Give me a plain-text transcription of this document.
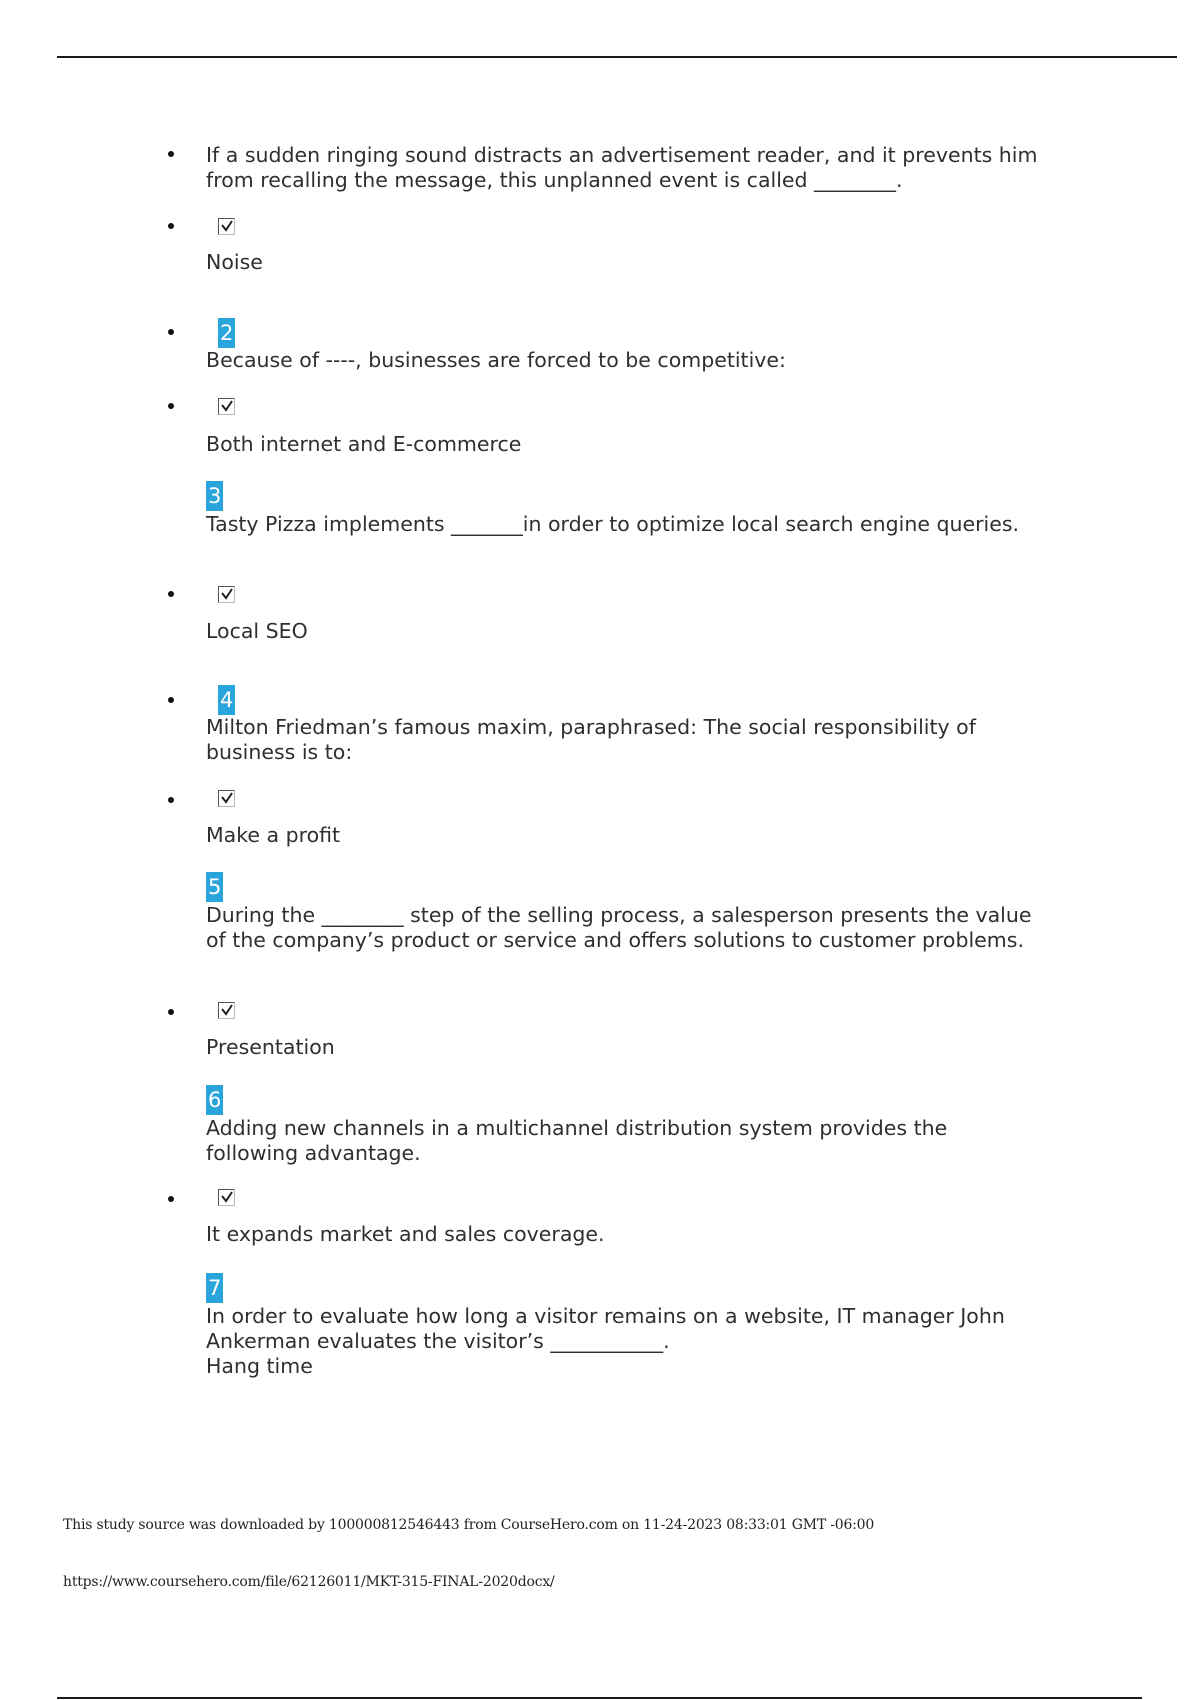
If a sudden ringing sound distracts an advertisement reader, and it prevents him from recalling the message, this unplanned event is called ________.
Noise
2
Because of ----, businesses are forced to be competitive:
Both internet and E-commerce
3
Tasty Pizza implements _______in order to optimize local search engine queries.
Local SEO
4
Milton Friedman’s famous maxim, paraphrased: The social responsibility of business is to:
Make a profit
5
During the ________ step of the selling process, a salesperson presents the value of the company’s product or service and offers solutions to customer problems.
Presentation
6
Adding new channels in a multichannel distribution system provides the following advantage.
It expands market and sales coverage.
7
In order to evaluate how long a visitor remains on a website, IT manager John Ankerman evaluates the visitor’s ___________.
Hang time
This study source was downloaded by 100000812546443 from CourseHero.com on 11-24-2023 08:33:01 GMT -06:00
https://www.coursehero.com/file/62126011/MKT-315-FINAL-2020docx/
